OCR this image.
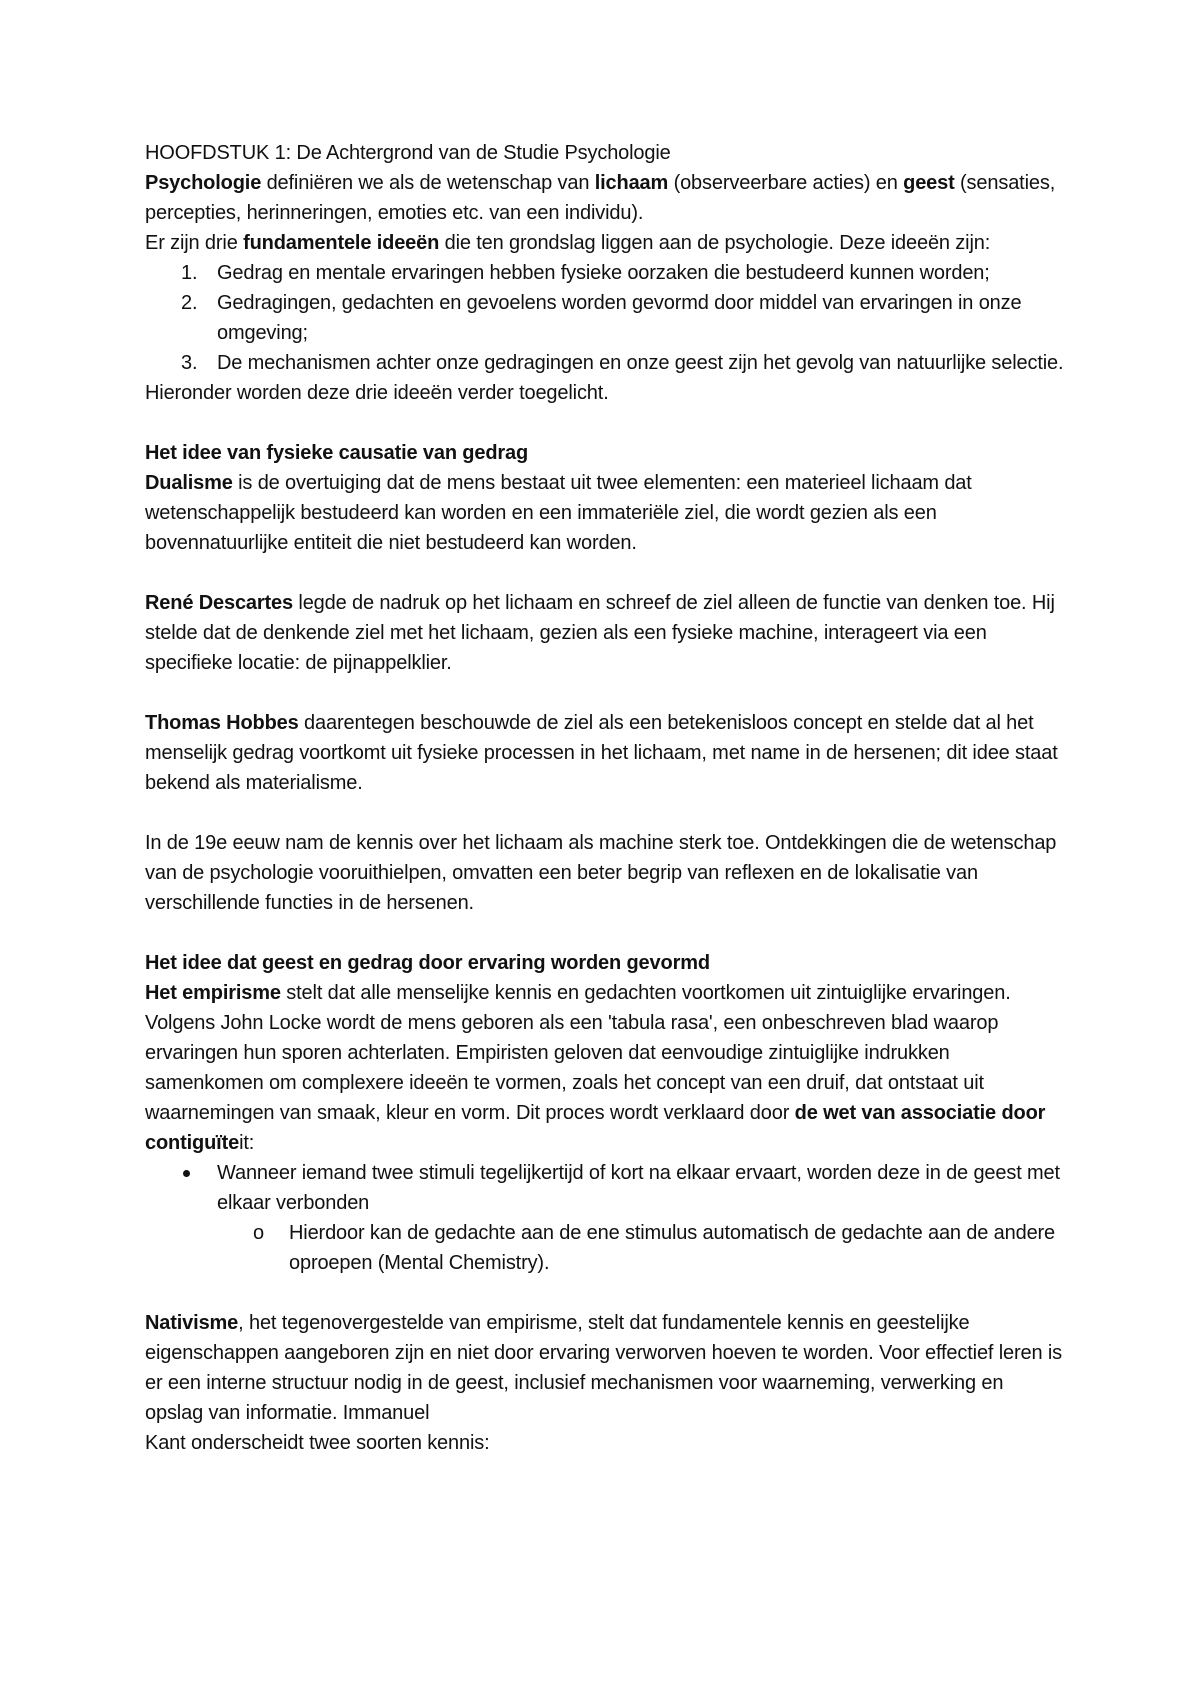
HOOFDSTUK 1: De Achtergrond van de Studie Psychologie

Psychologie definiëren we als de wetenschap van lichaam (observeerbare acties) en geest (sensaties, percepties, herinneringen, emoties etc. van een individu).

Er zijn drie fundamentele ideeën die ten grondslag liggen aan de psychologie. Deze ideeën zijn:

1. Gedrag en mentale ervaringen hebben fysieke oorzaken die bestudeerd kunnen worden;
2. Gedragingen, gedachten en gevoelens worden gevormd door middel van ervaringen in onze omgeving;
3. De mechanismen achter onze gedragingen en onze geest zijn het gevolg van natuurlijke selectie.

Hieronder worden deze drie ideeën verder toegelicht.

Het idee van fysieke causatie van gedrag

Dualisme is de overtuiging dat de mens bestaat uit twee elementen: een materieel lichaam dat wetenschappelijk bestudeerd kan worden en een immateriële ziel, die wordt gezien als een bovennatuurlijke entiteit die niet bestudeerd kan worden.

René Descartes legde de nadruk op het lichaam en schreef de ziel alleen de functie van denken toe. Hij stelde dat de denkende ziel met het lichaam, gezien als een fysieke machine, interageert via een specifieke locatie: de pijnappelklier.

Thomas Hobbes daarentegen beschouwde de ziel als een betekenisloos concept en stelde dat al het menselijk gedrag voortkomt uit fysieke processen in het lichaam, met name in de hersenen; dit idee staat bekend als materialisme.

In de 19e eeuw nam de kennis over het lichaam als machine sterk toe. Ontdekkingen die de wetenschap van de psychologie vooruithielpen, omvatten een beter begrip van reflexen en de lokalisatie van verschillende functies in de hersenen.

Het idee dat geest en gedrag door ervaring worden gevormd

Het empirisme stelt dat alle menselijke kennis en gedachten voortkomen uit zintuiglijke ervaringen. Volgens John Locke wordt de mens geboren als een 'tabula rasa', een onbeschreven blad waarop ervaringen hun sporen achterlaten. Empiristen geloven dat eenvoudige zintuiglijke indrukken samenkomen om complexere ideeën te vormen, zoals het concept van een druif, dat ontstaat uit waarnemingen van smaak, kleur en vorm. Dit proces wordt verklaard door de wet van associatie door contiguïteit:

Wanneer iemand twee stimuli tegelijkertijd of kort na elkaar ervaart, worden deze in de geest met elkaar verbonden
o Hierdoor kan de gedachte aan de ene stimulus automatisch de gedachte aan de andere oproepen (Mental Chemistry).

Nativisme, het tegenovergestelde van empirisme, stelt dat fundamentele kennis en geestelijke eigenschappen aangeboren zijn en niet door ervaring verworven hoeven te worden. Voor effectief leren is er een interne structuur nodig in de geest, inclusief mechanismen voor waarneming, verwerking en opslag van informatie. Immanuel
Kant onderscheidt twee soorten kennis:
